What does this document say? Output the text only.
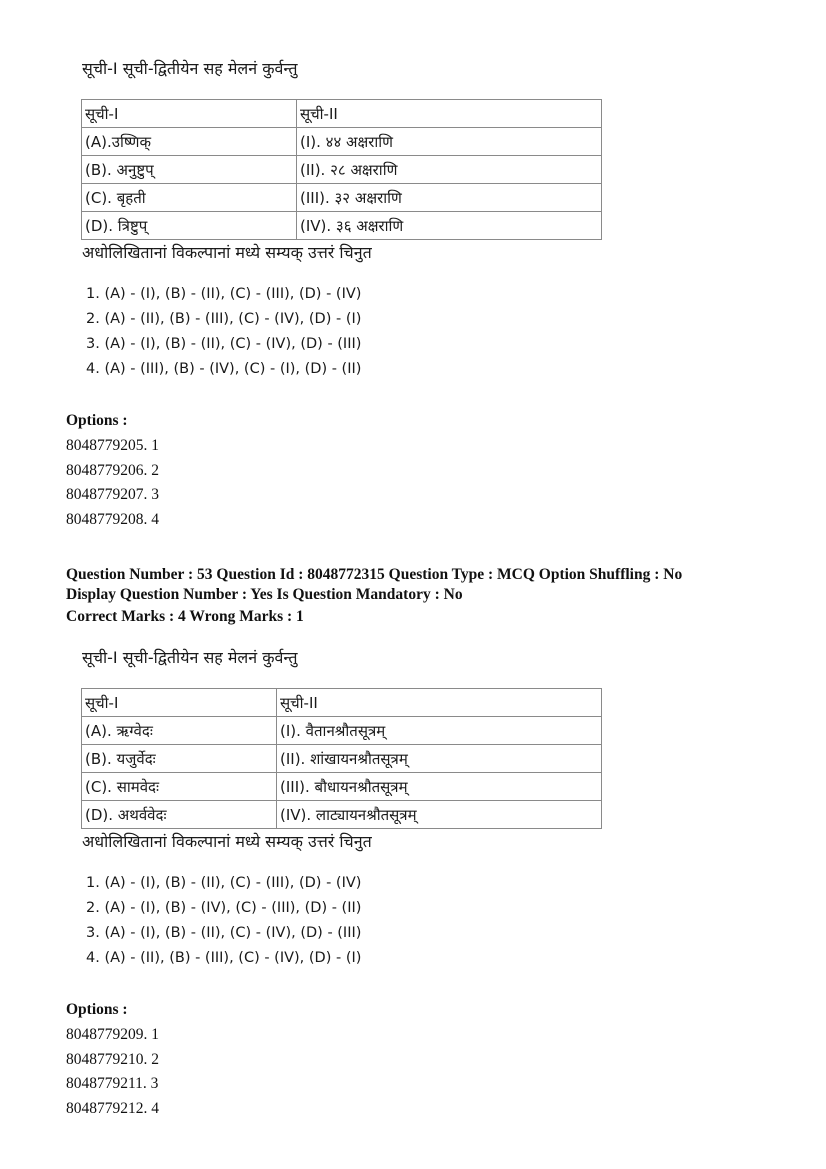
सूची-I सूची-द्वितीयेन सह मेलनं कुर्वन्तु
सूची-I	सूची-II
(A).उष्णिक्	(I). ४४ अक्षराणि
(B). अनुष्टुप्	(II). २८ अक्षराणि
(C). बृहती	(III). ३२ अक्षराणि
(D). त्रिष्टुप्	(IV). ३६ अक्षराणि
अधोलिखितानां विकल्पानां मध्ये सम्यक् उत्तरं चिनुत
1. (A) - (I), (B) - (II), (C) - (III), (D) - (IV)
2. (A) - (II), (B) - (III), (C) - (IV), (D) - (I)
3. (A) - (I), (B) - (II), (C) - (IV), (D) - (III)
4. (A) - (III), (B) - (IV), (C) - (I), (D) - (II)
Options :
8048779205. 1
8048779206. 2
8048779207. 3
8048779208. 4
Question Number : 53 Question Id : 8048772315 Question Type : MCQ Option Shuffling : No
Display Question Number : Yes Is Question Mandatory : No
Correct Marks : 4 Wrong Marks : 1
सूची-I सूची-द्वितीयेन सह मेलनं कुर्वन्तु
सूची-I	सूची-II
(A). ऋग्वेदः	(I). वैतानश्रौतसूत्रम्
(B). यजुर्वेदः	(II). शांखायनश्रौतसूत्रम्
(C). सामवेदः	(III). बौधायनश्रौतसूत्रम्
(D). अथर्ववेदः	(IV). लाट्यायनश्रौतसूत्रम्
अधोलिखितानां विकल्पानां मध्ये सम्यक् उत्तरं चिनुत
1. (A) - (I), (B) - (II), (C) - (III), (D) - (IV)
2. (A) - (I), (B) - (IV), (C) - (III), (D) - (II)
3. (A) - (I), (B) - (II), (C) - (IV), (D) - (III)
4. (A) - (II), (B) - (III), (C) - (IV), (D) - (I)
Options :
8048779209. 1
8048779210. 2
8048779211. 3
8048779212. 4
